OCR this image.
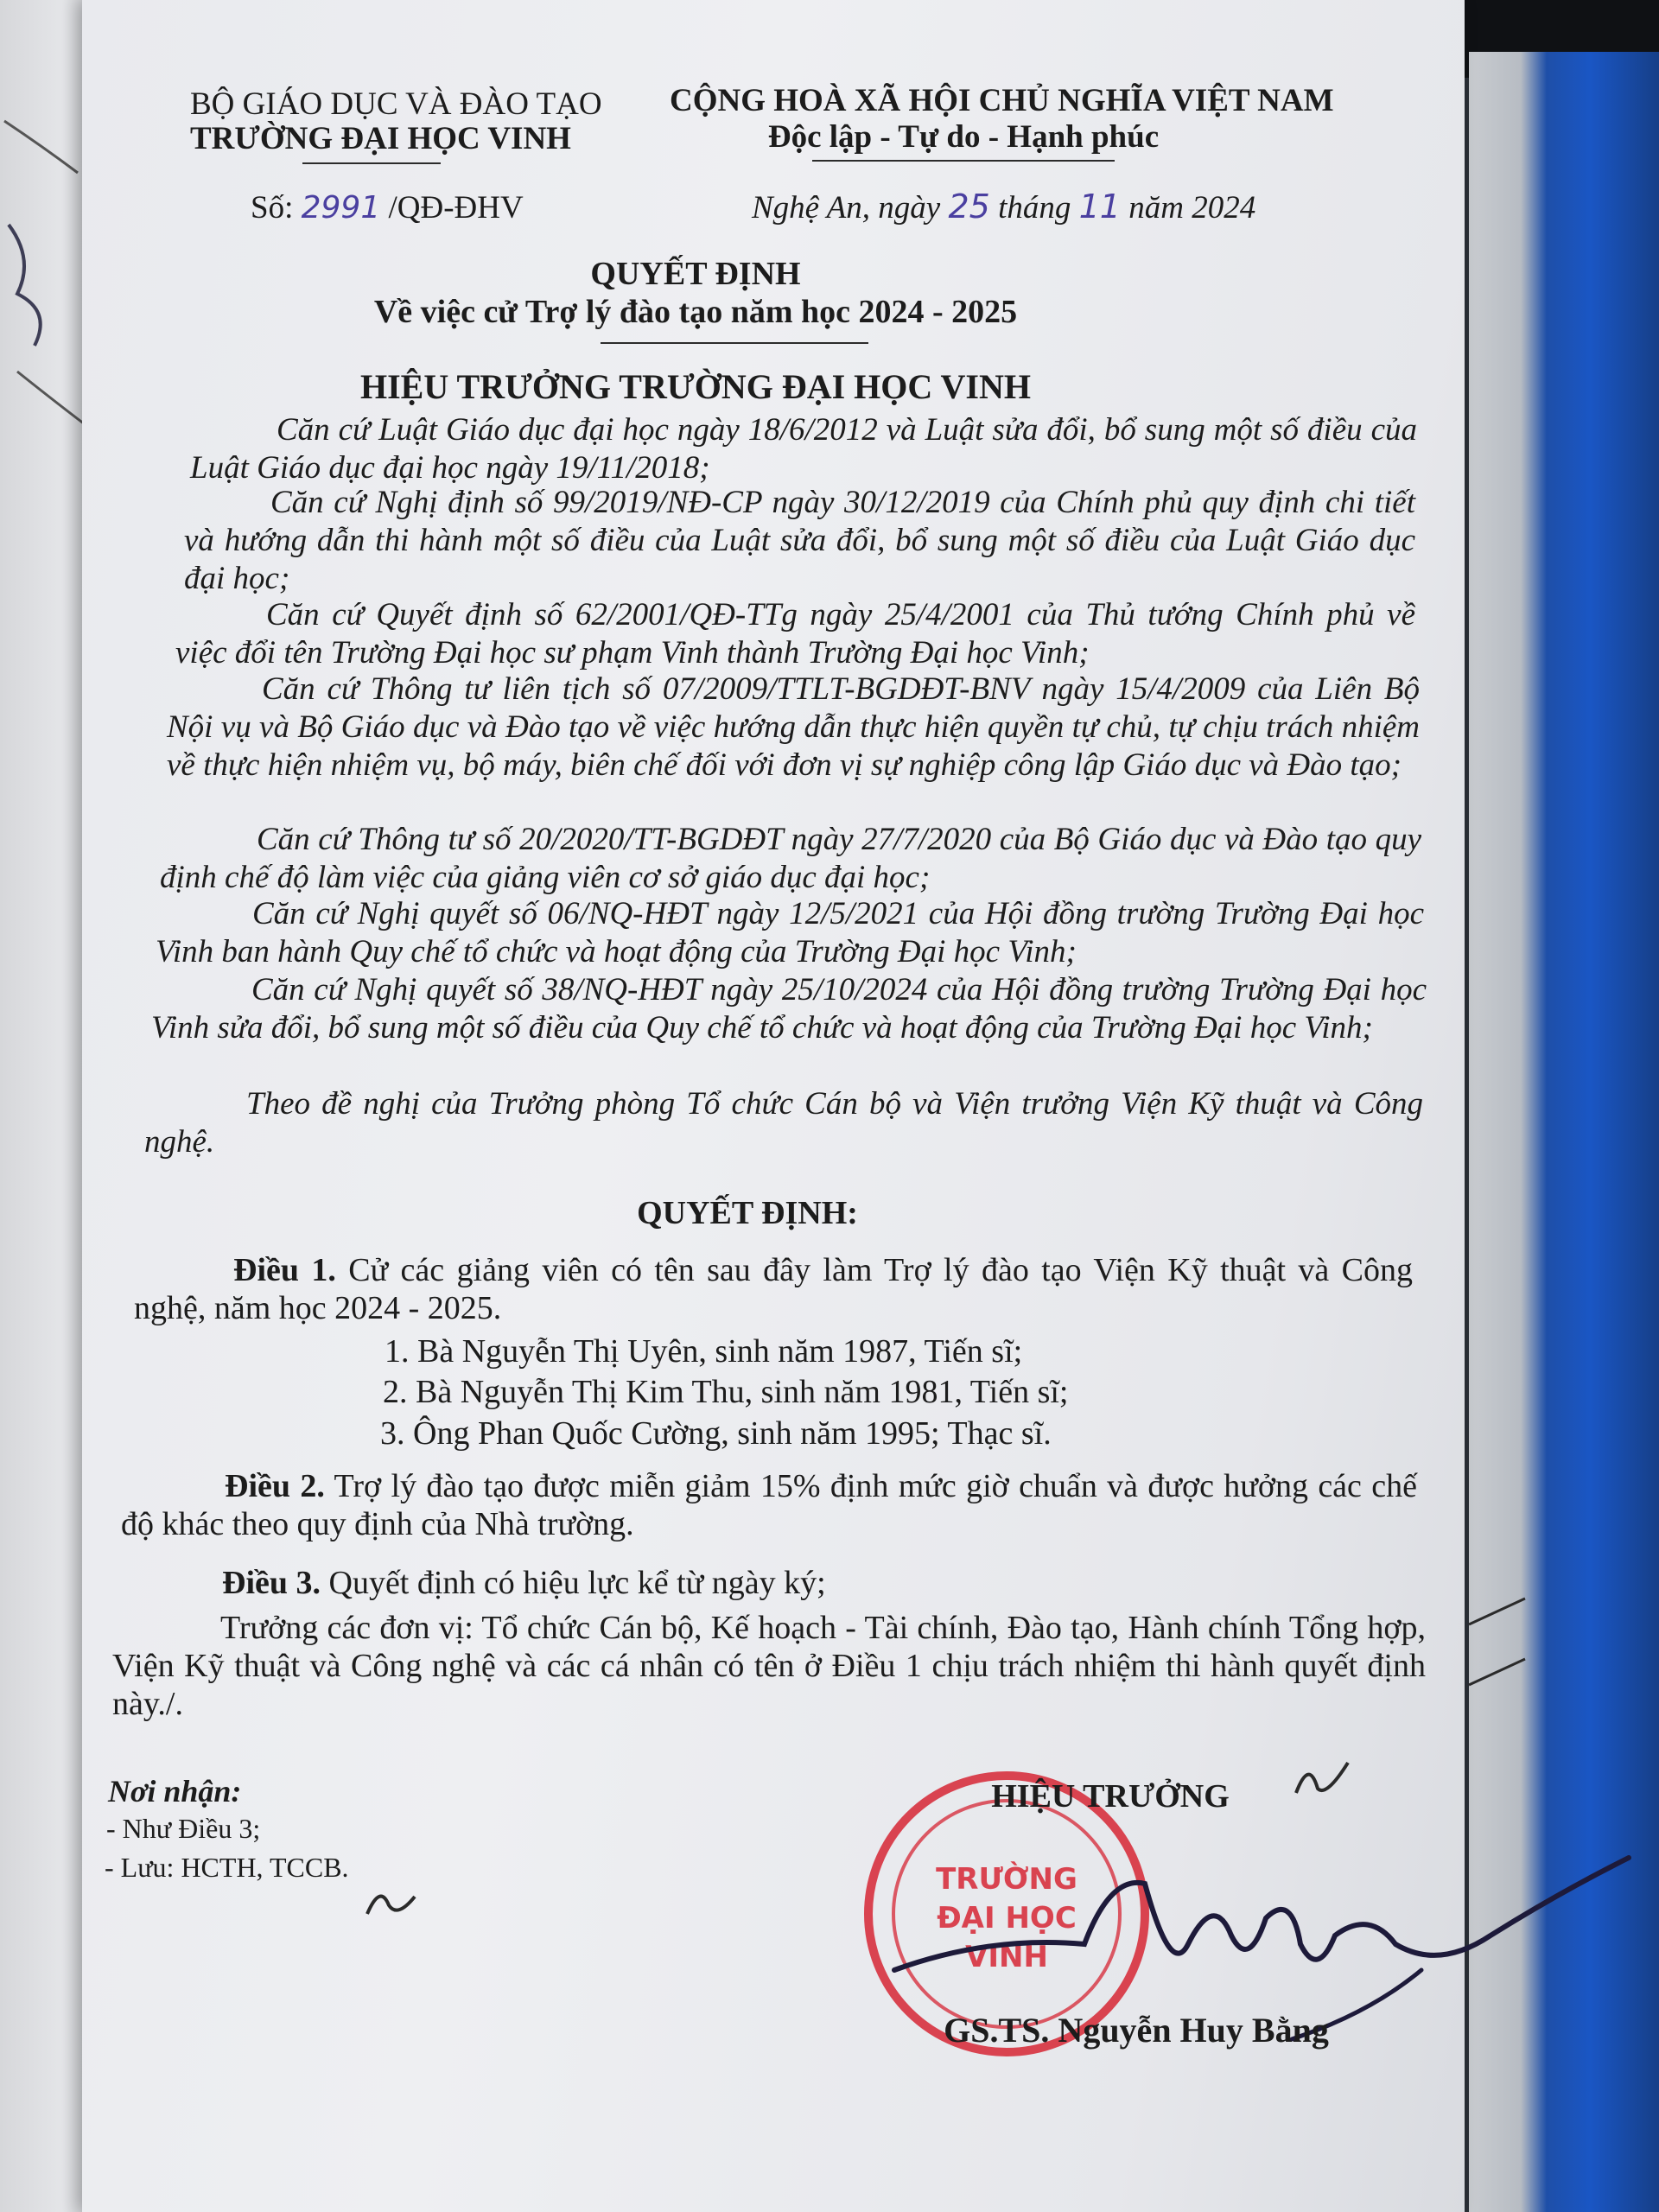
BỘ GIÁO DỤC VÀ ĐÀO TẠO
TRƯỜNG ĐẠI HỌC VINH
CỘNG HOÀ XÃ HỘI CHỦ NGHĨA VIỆT NAM
Độc lập - Tự do - Hạnh phúc
Số: 2991 /QĐ-ĐHV	Nghệ An, ngày 25 tháng 11 năm 2024
QUYẾT ĐỊNH
Về việc cử Trợ lý đào tạo năm học 2024 - 2025
HIỆU TRƯỞNG TRƯỜNG ĐẠI HỌC VINH
Căn cứ Luật Giáo dục đại học ngày 18/6/2012 và Luật sửa đổi, bổ sung một số điều của Luật Giáo dục đại học ngày 19/11/2018;
Căn cứ Nghị định số 99/2019/NĐ-CP ngày 30/12/2019 của Chính phủ quy định chi tiết và hướng dẫn thi hành một số điều của Luật sửa đổi, bổ sung một số điều của Luật Giáo dục đại học;
Căn cứ Quyết định số 62/2001/QĐ-TTg ngày 25/4/2001 của Thủ tướng Chính phủ về việc đổi tên Trường Đại học sư phạm Vinh thành Trường Đại học Vinh;
Căn cứ Thông tư liên tịch số 07/2009/TTLT-BGDĐT-BNV ngày 15/4/2009 của Liên Bộ Nội vụ và Bộ Giáo dục và Đào tạo về việc hướng dẫn thực hiện quyền tự chủ, tự chịu trách nhiệm về thực hiện nhiệm vụ, bộ máy, biên chế đối với đơn vị sự nghiệp công lập Giáo dục và Đào tạo;
Căn cứ Thông tư số 20/2020/TT-BGDĐT ngày 27/7/2020 của Bộ Giáo dục và Đào tạo quy định chế độ làm việc của giảng viên cơ sở giáo dục đại học;
Căn cứ Nghị quyết số 06/NQ-HĐT ngày 12/5/2021 của Hội đồng trường Trường Đại học Vinh ban hành Quy chế tổ chức và hoạt động của Trường Đại học Vinh;
Căn cứ Nghị quyết số 38/NQ-HĐT ngày 25/10/2024 của Hội đồng trường Trường Đại học Vinh sửa đổi, bổ sung một số điều của Quy chế tổ chức và hoạt động của Trường Đại học Vinh;
Theo đề nghị của Trưởng phòng Tổ chức Cán bộ và Viện trưởng Viện Kỹ thuật và Công nghệ.
QUYẾT ĐỊNH:
Điều 1. Cử các giảng viên có tên sau đây làm Trợ lý đào tạo Viện Kỹ thuật và Công nghệ, năm học 2024 - 2025.
1. Bà Nguyễn Thị Uyên, sinh năm 1987, Tiến sĩ;
2. Bà Nguyễn Thị Kim Thu, sinh năm 1981, Tiến sĩ;
3. Ông Phan Quốc Cường, sinh năm 1995; Thạc sĩ.
Điều 2. Trợ lý đào tạo được miễn giảm 15% định mức giờ chuẩn và được hưởng các chế độ khác theo quy định của Nhà trường.
Điều 3. Quyết định có hiệu lực kể từ ngày ký;
Trưởng các đơn vị: Tổ chức Cán bộ, Kế hoạch - Tài chính, Đào tạo, Hành chính Tổng hợp, Viện Kỹ thuật và Công nghệ và các cá nhân có tên ở Điều 1 chịu trách nhiệm thi hành quyết định này./.
Nơi nhận:
- Như Điều 3;
- Lưu: HCTH, TCCB.	TRƯỜNG
ĐẠI HỌC
VINH
HIỆU TRƯỞNG
GS.TS. Nguyễn Huy Bằng
